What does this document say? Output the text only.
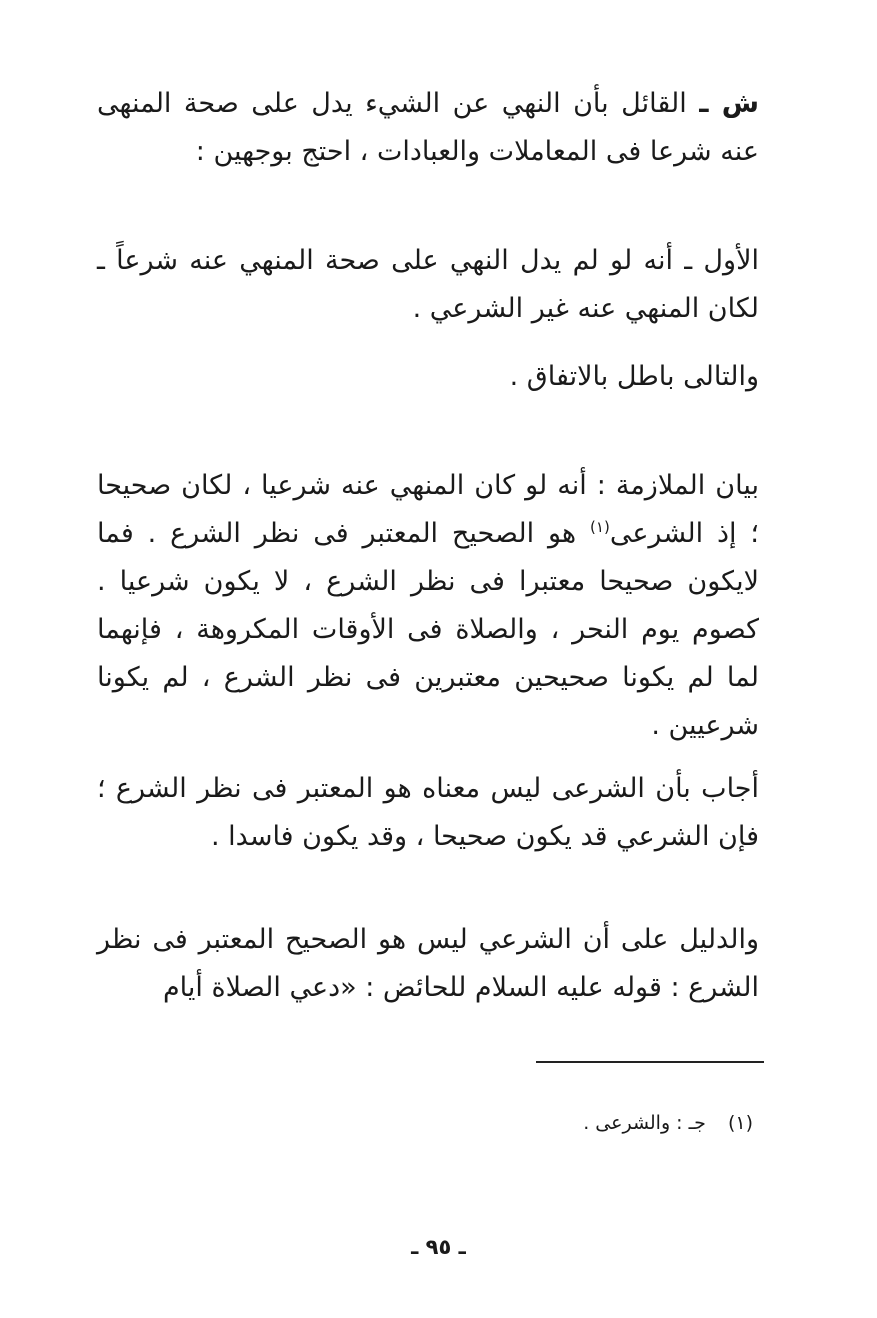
ش ـ القائل بأن النهي عن الشيء يدل على صحة المنهى عنه شرعا فى المعاملات والعبادات ، احتج بوجهين :

الأول ـ أنه لو لم يدل النهي على صحة المنهي عنه شرعاً ـ لكان المنهي عنه غير الشرعي .

والتالى باطل بالاتفاق .

بيان الملازمة : أنه لو كان المنهي عنه شرعيا ، لكان صحيحا ؛ إذ الشرعى$^{(١)}$ هو الصحيح المعتبر فى نظر الشرع . فما لايكون صحيحا معتبرا فى نظر الشرع ، لا يكون شرعيا . كصوم يوم النحر ، والصلاة فى الأوقات المكروهة ، فإنهما لما لم يكونا صحيحين معتبرين فى نظر الشرع ، لم يكونا شرعيين .

أجاب بأن الشرعى ليس معناه هو المعتبر فى نظر الشرع ؛ فإن الشرعي قد يكون صحيحا ، وقد يكون فاسدا .

والدليل على أن الشرعي ليس هو الصحيح المعتبر فى نظر الشرع : قوله عليه السلام للحائض : «دعي الصلاة أيام

(١)جـ : والشرعى .
ـ ٩٥ ـ
